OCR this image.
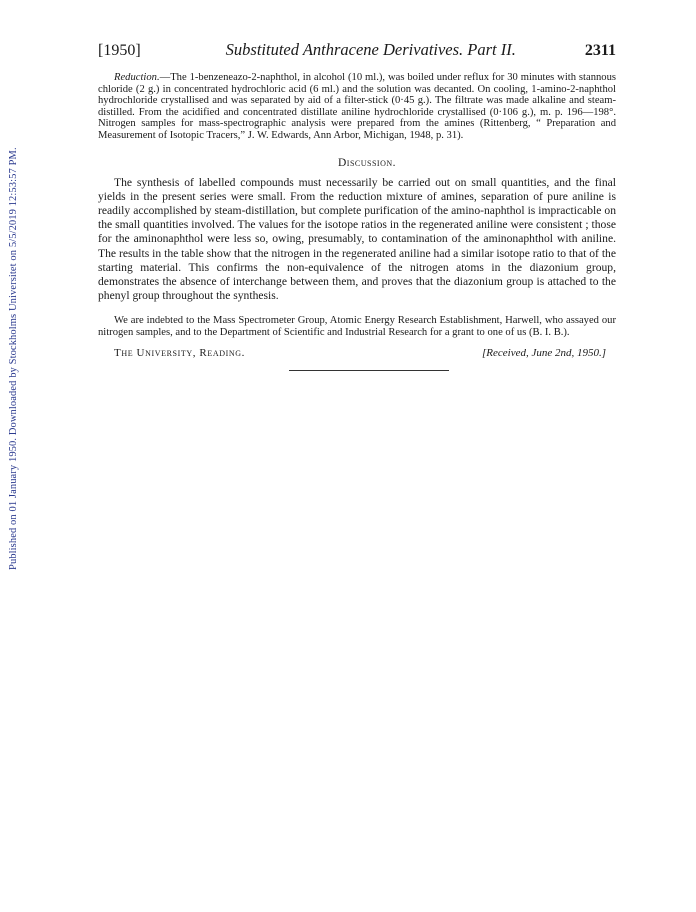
Published on 01 January 1950. Downloaded by Stockholms Universitet on 5/5/2019 12:53:57 PM.
[1950]	Substituted Anthracene Derivatives. Part II.	2311

Reduction.—The 1-benzeneazo-2-naphthol, in alcohol (10 ml.), was boiled under reflux for 30 minutes with stannous chloride (2 g.) in concentrated hydrochloric acid (6 ml.) and the solution was decanted. On cooling, 1-amino-2-naphthol hydrochloride crystallised and was separated by aid of a filter-stick (0·45 g.). The filtrate was made alkaline and steam-distilled. From the acidified and concentrated distillate aniline hydrochloride crystallised (0·106 g.), m. p. 196—198°. Nitrogen samples for mass-spectrographic analysis were prepared from the amines (Rittenberg, “ Preparation and Measurement of Isotopic Tracers,” J. W. Edwards, Ann Arbor, Michigan, 1948, p. 31).

Discussion.

The synthesis of labelled compounds must necessarily be carried out on small quantities, and the final yields in the present series were small. From the reduction mixture of amines, separation of pure aniline is readily accomplished by steam-distillation, but complete purification of the amino-naphthol is impracticable on the small quantities involved. The values for the isotope ratios in the regenerated aniline were consistent ; those for the aminonaphthol were less so, owing, presumably, to contamination of the aminonaphthol with aniline. The results in the table show that the nitrogen in the regenerated aniline had a similar isotope ratio to that of the starting material. This confirms the non-equivalence of the nitrogen atoms in the diazonium group, demonstrates the absence of interchange between them, and proves that the diazonium group is attached to the phenyl group throughout the synthesis.

We are indebted to the Mass Spectrometer Group, Atomic Energy Research Establishment, Harwell, who assayed our nitrogen samples, and to the Department of Scientific and Industrial Research for a grant to one of us (B. I. B.).

The University, Reading.	[Received, June 2nd, 1950.]
